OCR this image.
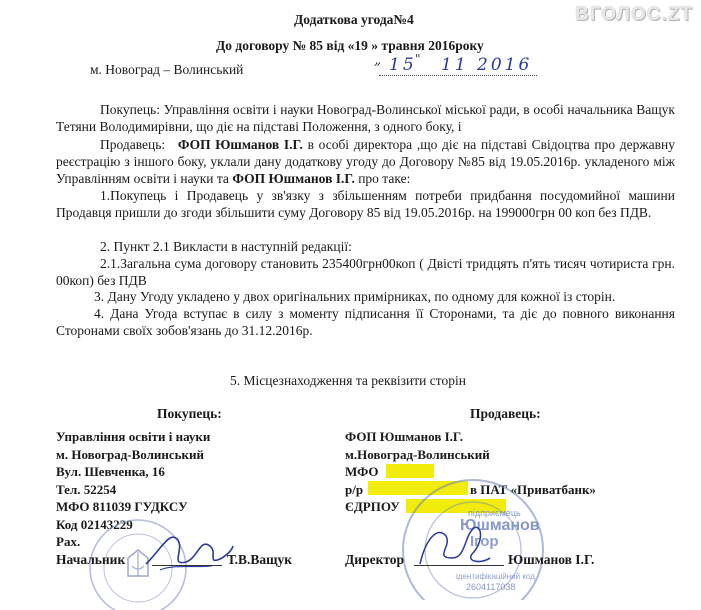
ВГОЛОС.ZT
Додаткова угода№4
До договору № 85 від «19 » травня 2016року
м. Новоград – Волинський
„ 15
" 11 2016
Покупець: Управління освіти і науки Новоград-Волинської міської ради, в особі начальника Ващук Тетяни Володимирівни, що діє на підставі Положення, з одного боку, і
Продавець: ФОП Юшманов І.Г. в особі директора ,що діє на підставі Свідоцтва про державну реєстрацію з іншого боку, уклали дану додаткову угоду до Договору №85 від 19.05.2016р. укладеного між Управлінням освіти і науки та ФОП Юшманов І.Г. про таке:
1.Покупець і Продавець у зв'язку з збільшенням потреби придбання посудомийної машини Продавця пришли до згоди збільшити суму Договору 85 від 19.05.2016р. на 199000грн 00 коп без ПДВ.
2. Пункт 2.1 Викласти в наступній редакції:
2.1.Загальна сума договору становить 235400грн00коп ( Двісті тридцять п'ять тисяч чотириста грн. 00коп) без ПДВ
3. Дану Угоду укладено у двох оригінальних примірниках, по одному для кожної із сторін.
4. Дана Угода вступає в силу з моменту підписання її Сторонами, та діє до повного виконання Сторонами своїх зобов'язань до 31.12.2016р.
5. Місцезнаходження та реквізити сторін
Покупець:
Управління освіти і науки
м. Новоград-Волинський
Вул. Шевченка, 16
Тел. 52254
МФО 811039 ГУДКСУ
Код 02143229
Рах.
Начальник	Т.В.Ващук
Продавець:
ФОП Юшманов І.Г.
м.Новоград-Волинський
МФО
р/р	в ПАТ «Приватбанк»
ЄДРПОУ	підприємець
Юшманов
Ігор
ідентифікаційний код
2604117038
Директор	Юшманов І.Г.
